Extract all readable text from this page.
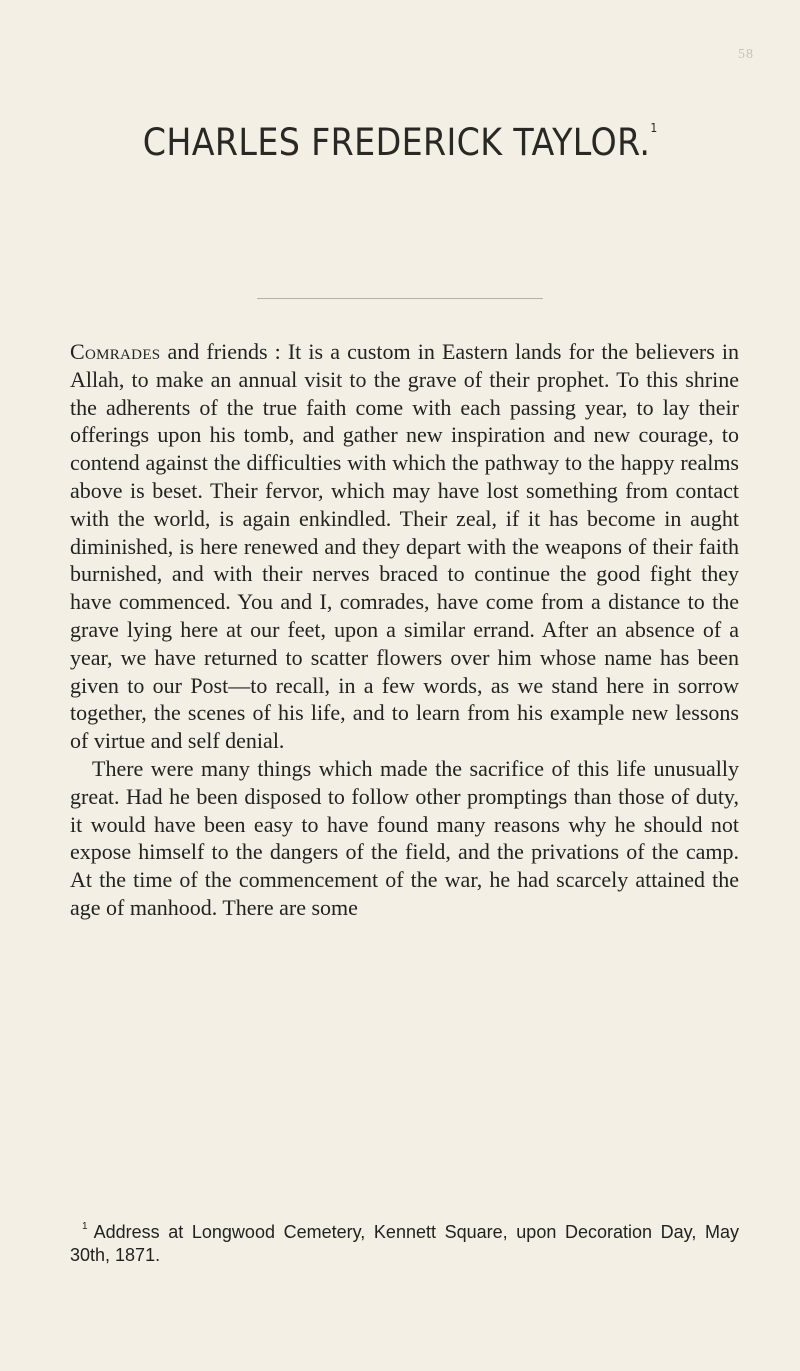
58
CHARLES FREDERICK TAYLOR.$^1$

Comrades and friends : It is a custom in Eastern lands for the believers in Allah, to make an annual visit to the grave of their prophet. To this shrine the adherents of the true faith come with each passing year, to lay their offerings upon his tomb, and gather new inspiration and new courage, to contend against the difficulties with which the pathway to the happy realms above is beset. Their fervor, which may have lost something from contact with the world, is again enkindled. Their zeal, if it has become in aught diminished, is here renewed and they depart with the weapons of their faith burnished, and with their nerves braced to continue the good fight they have commenced. You and I, comrades, have come from a distance to the grave lying here at our feet, upon a similar errand. After an absence of a year, we have returned to scatter flowers over him whose name has been given to our Post—to recall, in a few words, as we stand here in sorrow together, the scenes of his life, and to learn from his example new lessons of virtue and self denial.

There were many things which made the sacrifice of this life unusually great. Had he been disposed to follow other promptings than those of duty, it would have been easy to have found many reasons why he should not expose himself to the dangers of the field, and the privations of the camp. At the time of the commencement of the war, he had scarcely attained the age of manhood. There are some

$^1$ Address at Longwood Cemetery, Kennett Square, upon Decoration Day, May 30th, 1871.
